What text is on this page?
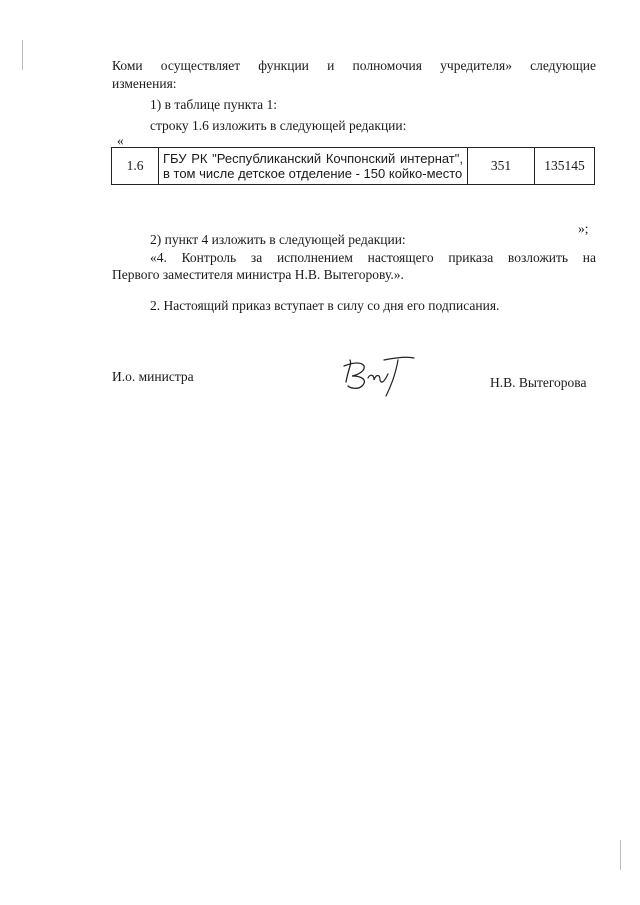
Коми осуществляет функции и полномочия учредителя» следующие
изменения:
1) в таблице пункта 1:
строку 1.6 изложить в следующей редакции:
«
1.6	ГБУ РК "Республиканский Кочпонский интернат", в том числе детское отделение - 150 койко-место	351	135145
»;
2) пункт 4 изложить в следующей редакции:
«4. Контроль за исполнением настоящего приказа возложить на
Первого заместителя министра Н.В. Вытегорову.».
2. Настоящий приказ вступает в силу со дня его подписания.
И.о. министра	Н.В. Вытегорова
